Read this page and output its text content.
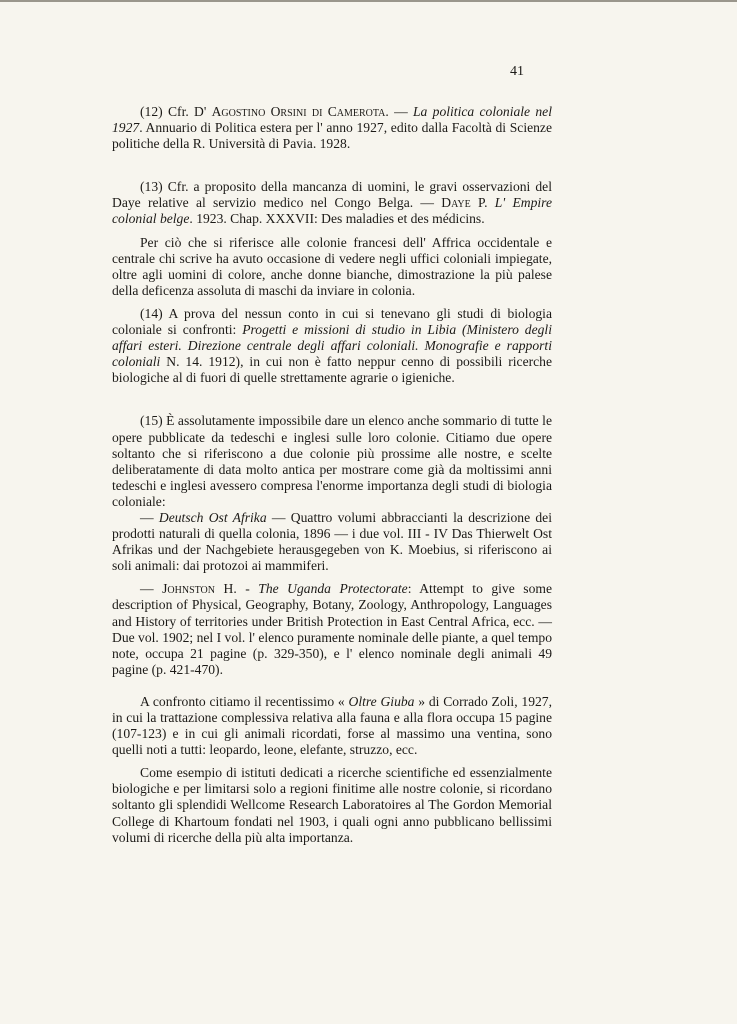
41

(12) Cfr. D' Agostino Orsini di Camerota. — La politica coloniale nel 1927. Annuario di Politica estera per l' anno 1927, edito dalla Facoltà di Scienze politiche della R. Università di Pavia. 1928.

(13) Cfr. a proposito della mancanza di uomini, le gravi osservazioni del Daye relative al servizio medico nel Congo Belga. — Daye P. L' Empire colonial belge. 1923. Chap. XXXVII: Des maladies et des médicins.

Per ciò che si riferisce alle colonie francesi dell' Affrica occidentale e centrale chi scrive ha avuto occasione di vedere negli uffici coloniali impiegate, oltre agli uomini di colore, anche donne bianche, dimostrazione la più palese della deficenza assoluta di maschi da inviare in colonia.

(14) A prova del nessun conto in cui si tenevano gli studi di biologia coloniale si confronti: Progetti e missioni di studio in Libia (Ministero degli affari esteri. Direzione centrale degli affari coloniali. Monografie e rapporti coloniali N. 14. 1912), in cui non è fatto neppur cenno di possibili ricerche biologiche al di fuori di quelle strettamente agrarie o igieniche.

(15) È assolutamente impossibile dare un elenco anche sommario di tutte le opere pubblicate da tedeschi e inglesi sulle loro colonie. Citiamo due opere soltanto che si riferiscono a due colonie più prossime alle nostre, e scelte deliberatamente di data molto antica per mostrare come già da moltissimi anni tedeschi e inglesi avessero compresa l'enorme importanza degli studi di biologia coloniale:

— Deutsch Ost Afrika — Quattro volumi abbraccianti la descrizione dei prodotti naturali di quella colonia, 1896 — i due vol. III - IV Das Thierwelt Ost Afrikas und der Nachgebiete herausgegeben von K. Moebius, si riferiscono ai soli animali: dai protozoi ai mammiferi.

— Johnston H. - The Uganda Protectorate: Attempt to give some description of Physical, Geography, Botany, Zoology, Anthropology, Languages and History of territories under British Protection in East Central Africa, ecc. — Due vol. 1902; nel I vol. l' elenco puramente nominale delle piante, a quel tempo note, occupa 21 pagine (p. 329-350), e l' elenco nominale degli animali 49 pagine (p. 421-470).

A confronto citiamo il recentissimo « Oltre Giuba » di Corrado Zoli, 1927, in cui la trattazione complessiva relativa alla fauna e alla flora occupa 15 pagine (107-123) e in cui gli animali ricordati, forse al massimo una ventina, sono quelli noti a tutti: leopardo, leone, elefante, struzzo, ecc.

Come esempio di istituti dedicati a ricerche scientifiche ed essenzialmente biologiche e per limitarsi solo a regioni finitime alle nostre colonie, si ricordano soltanto gli splendidi Wellcome Research Laboratoires al The Gordon Memorial College di Khartoum fondati nel 1903, i quali ogni anno pubblicano bellissimi volumi di ricerche della più alta importanza.
